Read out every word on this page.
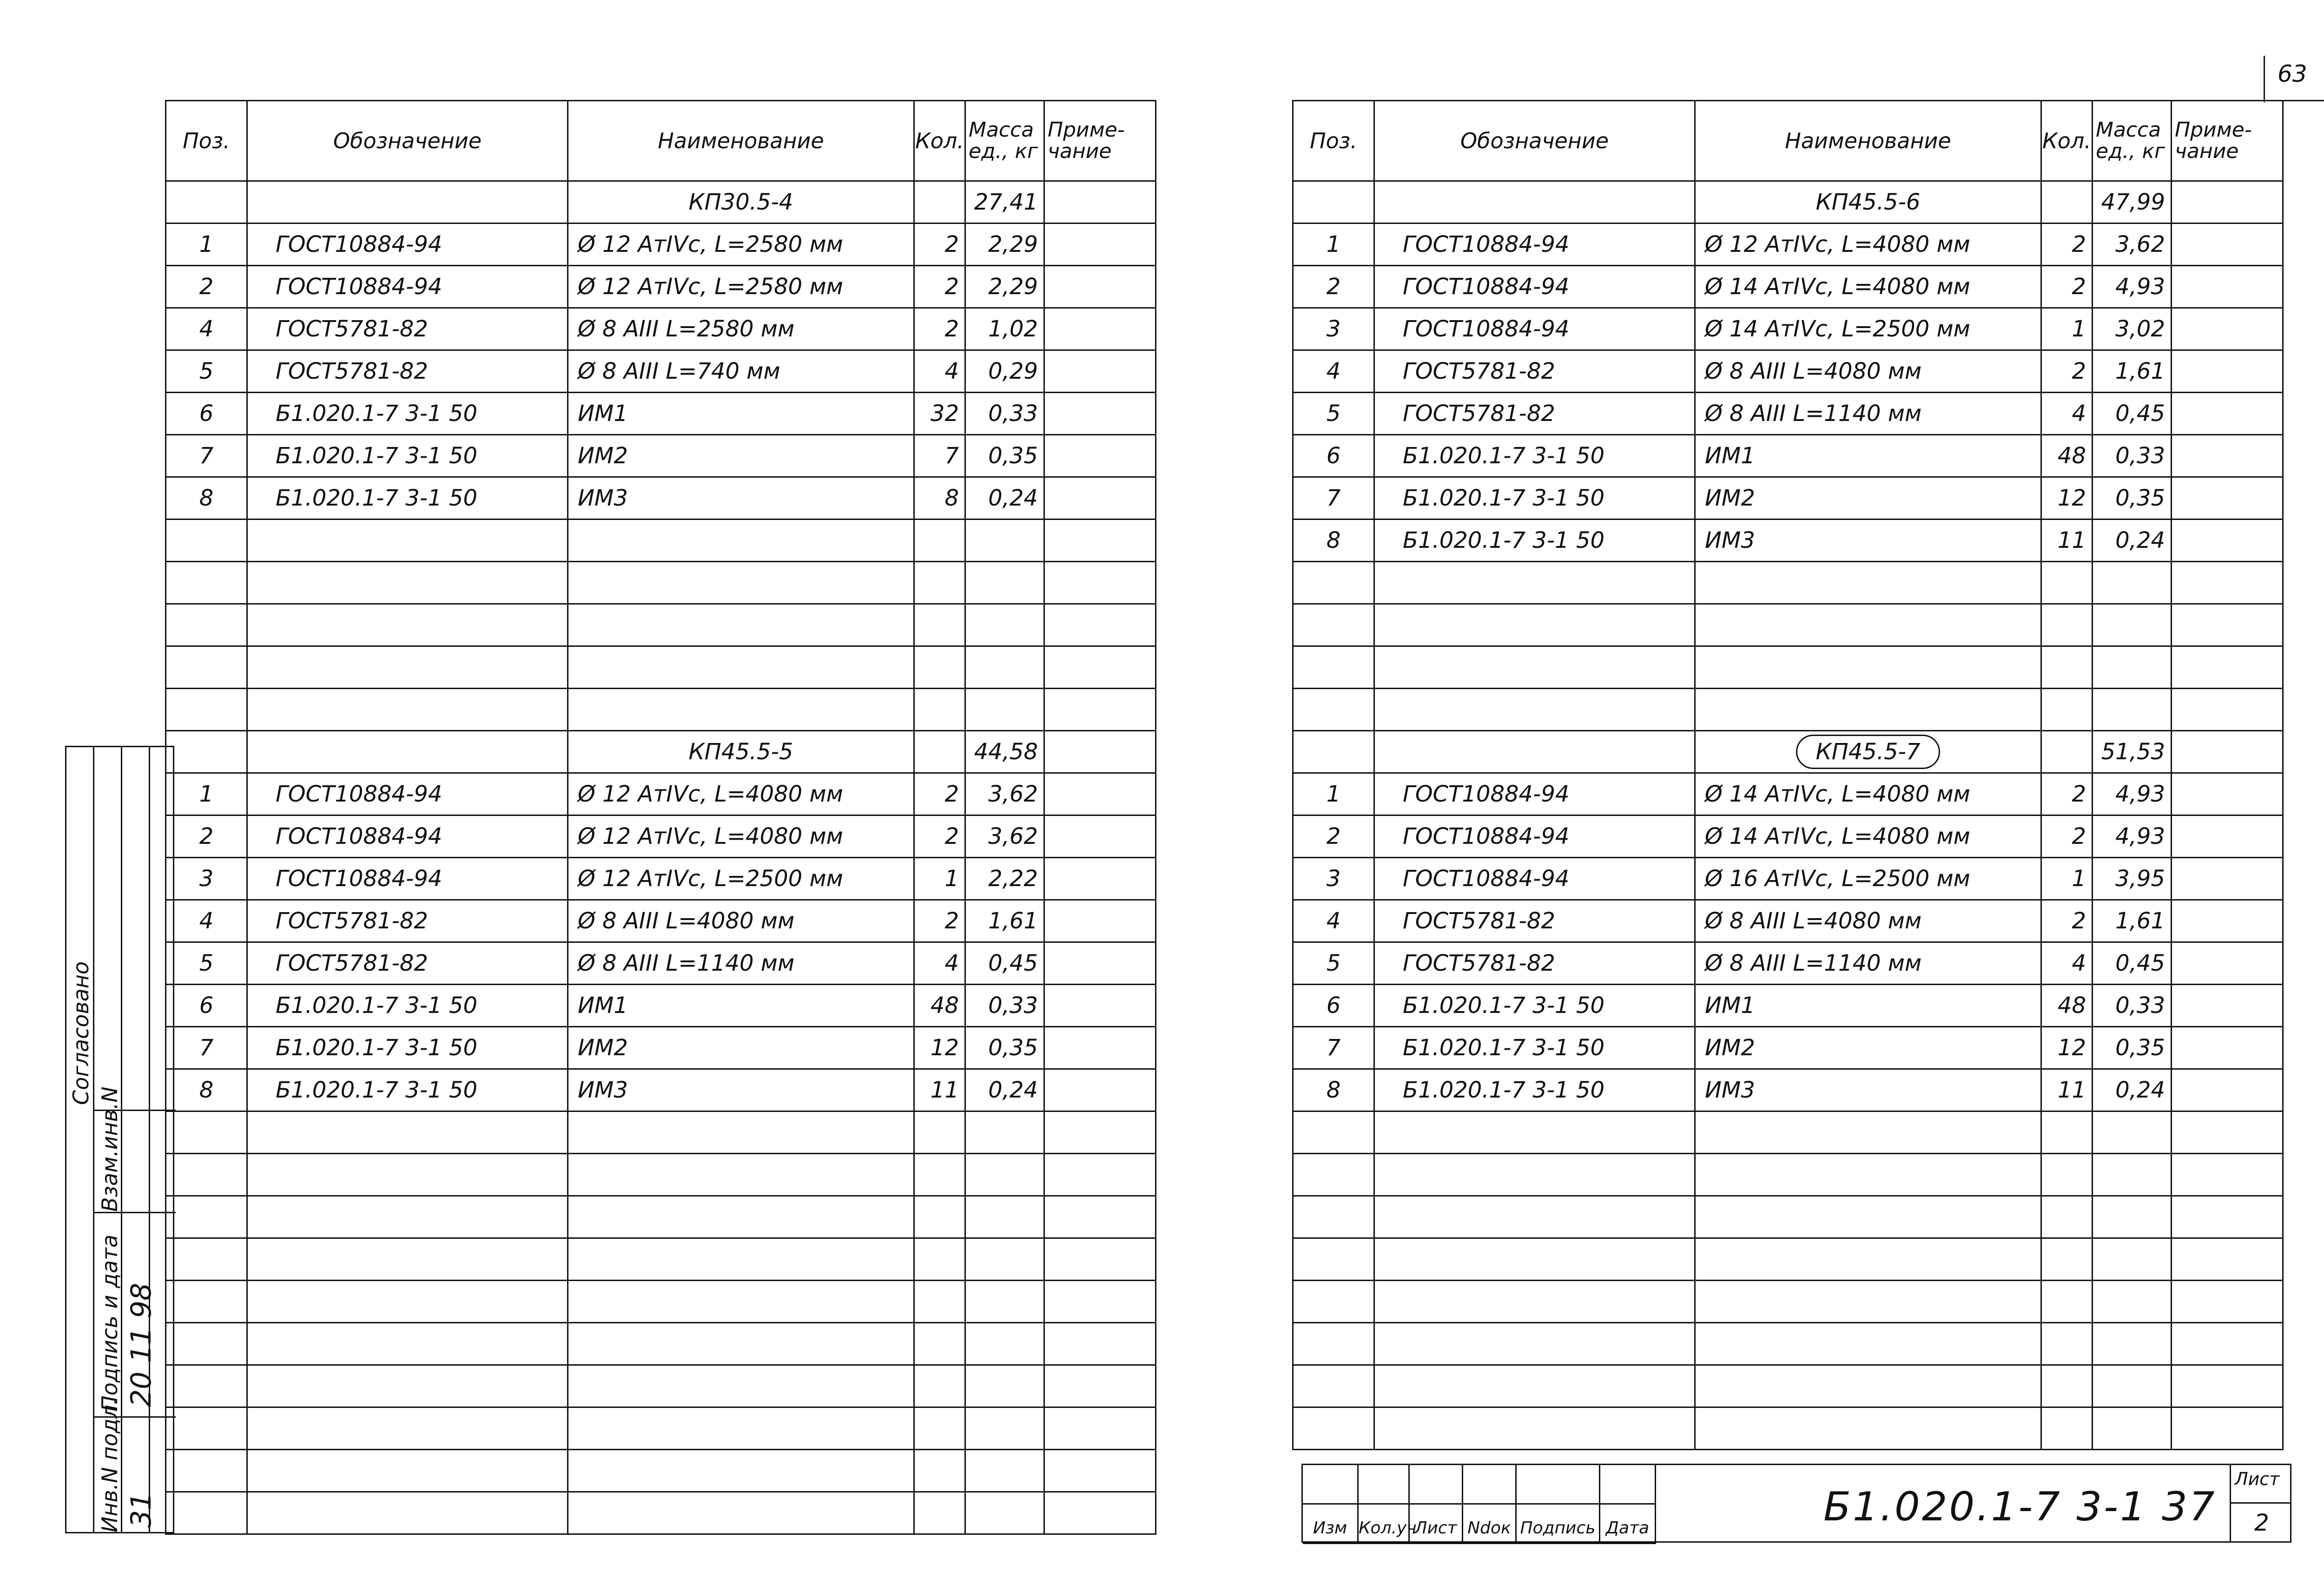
63
Поз.	Обозначение	Наименование	Кол.	Масса ед., кг	Приме- чание
		КП30.5-4		27,41	
1	ГОСТ10884-94	Ø 12 АтIVс, L=2580 мм	2	2,29	
2	ГОСТ10884-94	Ø 12 АтIVс, L=2580 мм	2	2,29	
4	ГОСТ5781-82	Ø 8 АIII L=2580 мм	2	1,02	
5	ГОСТ5781-82	Ø 8 АIII L=740 мм	4	0,29	
6	Б1.020.1-7 3-1 50	ИМ1	32	0,33	
7	Б1.020.1-7 3-1 50	ИМ2	7	0,35	
8	Б1.020.1-7 3-1 50	ИМ3	8	0,24	

		КП45.5-5		44,58	
1	ГОСТ10884-94	Ø 12 АтIVс, L=4080 мм	2	3,62	
2	ГОСТ10884-94	Ø 12 АтIVс, L=4080 мм	2	3,62	
3	ГОСТ10884-94	Ø 12 АтIVс, L=2500 мм	1	2,22	
4	ГОСТ5781-82	Ø 8 АIII L=4080 мм	2	1,61	
5	ГОСТ5781-82	Ø 8 АIII L=1140 мм	4	0,45	
6	Б1.020.1-7 3-1 50	ИМ1	48	0,33	
7	Б1.020.1-7 3-1 50	ИМ2	12	0,35	
8	Б1.020.1-7 3-1 50	ИМ3	11	0,24	

Поз.	Обозначение	Наименование	Кол.	Масса ед., кг	Приме- чание
		КП45.5-6		47,99	
1	ГОСТ10884-94	Ø 12 АтIVс, L=4080 мм	2	3,62	
2	ГОСТ10884-94	Ø 14 АтIVс, L=4080 мм	2	4,93	
3	ГОСТ10884-94	Ø 14 АтIVс, L=2500 мм	1	3,02	
4	ГОСТ5781-82	Ø 8 АIII L=4080 мм	2	1,61	
5	ГОСТ5781-82	Ø 8 АIII L=1140 мм	4	0,45	
6	Б1.020.1-7 3-1 50	ИМ1	48	0,33	
7	Б1.020.1-7 3-1 50	ИМ2	12	0,35	
8	Б1.020.1-7 3-1 50	ИМ3	11	0,24	

		КП45.5-7		51,53	
1	ГОСТ10884-94	Ø 14 АтIVс, L=4080 мм	2	4,93	
2	ГОСТ10884-94	Ø 14 АтIVс, L=4080 мм	2	4,93	
3	ГОСТ10884-94	Ø 16 АтIVс, L=2500 мм	1	3,95	
4	ГОСТ5781-82	Ø 8 АIII L=4080 мм	2	1,61	
5	ГОСТ5781-82	Ø 8 АIII L=1140 мм	4	0,45	
6	Б1.020.1-7 3-1 50	ИМ1	48	0,33	
7	Б1.020.1-7 3-1 50	ИМ2	12	0,35	
8	Б1.020.1-7 3-1 50	ИМ3	11	0,24	

Согласовано
Взам.инв.N
Подпись и дата
Инв.N подл.
20 11 98
31
Изм Кол.уч
Лист Ndок Подпись Дата	Б1.020.1-7 3-1 37
Лист
2
